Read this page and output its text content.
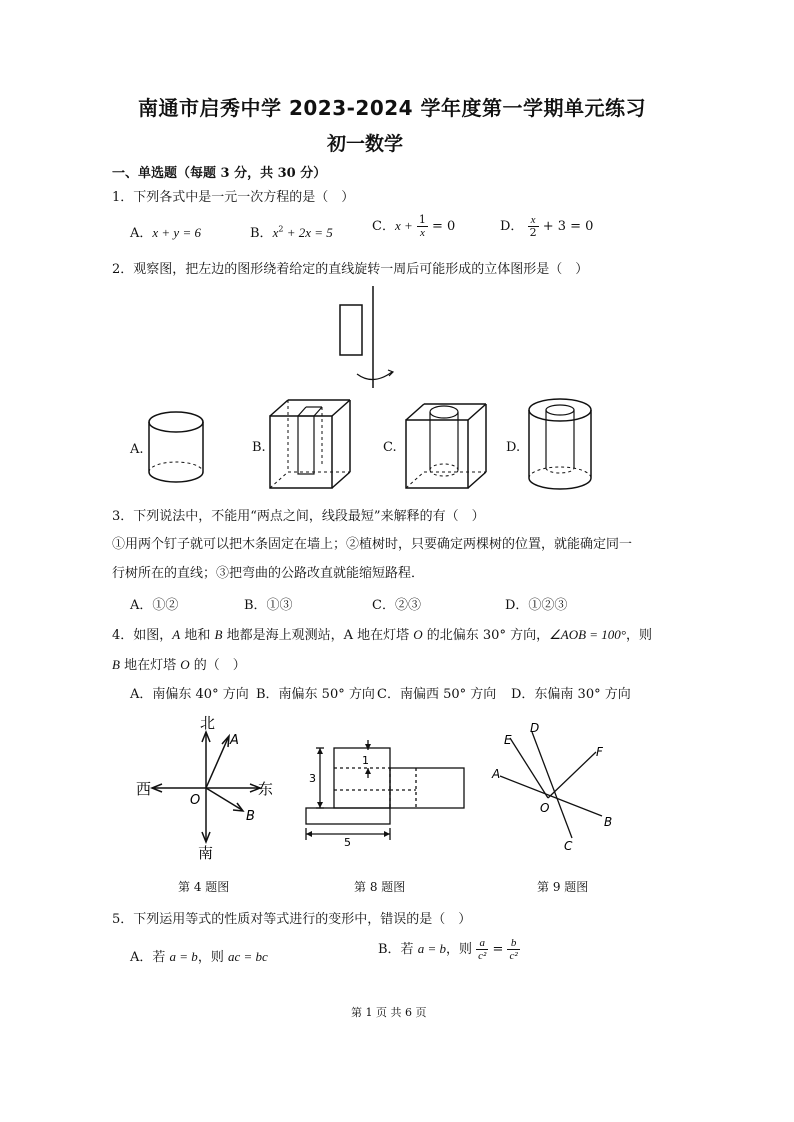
南通市启秀中学 2023-2024 学年度第一学期单元练习
初一数学
一、单选题（每题 3 分，共 30 分）
1．下列各式中是一元一次方程的是（　）
A．x + y = 6	B．$x^2 + 2x = 5$	C．$x + \frac{1}{x} = 0$	D． $\frac{x}{2} + 3 = 0$
2．观察图，把左边的图形绕着给定的直线旋转一周后可能形成的立体图形是（　）
A.	B.	C.	D.
3．下列说法中，不能用“两点之间，线段最短”来解释的有（　）
①用两个钉子就可以把木条固定在墙上；②植树时，只要确定两棵树的位置，就能确定同一
行树所在的直线；③把弯曲的公路改直就能缩短路程．
A．①②	B．①③	C．②③	D．①②③
4．如图，A 地和 B 地都是海上观测站，A 地在灯塔 O 的北偏东 30° 方向，∠AOB = 100°，则
B 地在灯塔 O 的（　）
A．南偏东 40° 方向 B．南偏东 50° 方向 C．南偏西 50° 方向 D．东偏南 30° 方向
北
南
西	东
O
A
B
第 4 题图
1
3
5
第 8 题图
D
E
F
A
O
B
C
第 9 题图
5．下列运用等式的性质对等式进行的变形中，错误的是（　）
A．若 a = b，则 ac = bc	B．若 a = b，则 $\frac{a}{\text{c²}} = \frac{b}{\text{c²}}$
第 1 页 共 6 页
